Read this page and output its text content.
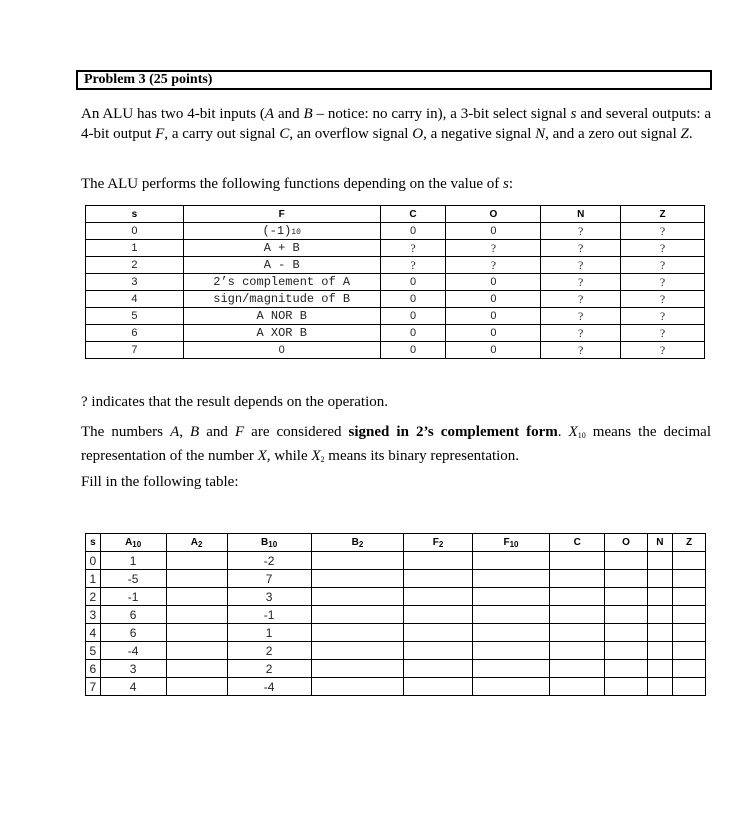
Problem 3 (25 points)

An ALU has two 4-bit inputs (A and B – notice: no carry in), a 3-bit select signal s and several outputs: a 4-bit output F, a carry out signal C, an overflow signal O, a negative signal N, and a zero out signal Z.

The ALU performs the following functions depending on the value of s:

s	F	C	O	N	Z
0	(-1)10	0	0	?	?
1	A + B	?	?	?	?
2	A - B	?	?	?	?
3	2’s complement of A	0	0	?	?
4	sign/magnitude of B	0	0	?	?
5	A NOR B	0	0	?	?
6	A XOR B	0	0	?	?
7	0	0	0	?	?

? indicates that the result depends on the operation.

The numbers A, B and F are considered signed in 2’s complement form. $X_{10}$ means the decimal representation of the number X, while $X_2$ means its binary representation.

Fill in the following table:

s	$A_{10}$	$A_2$	$B_{10}$	$B_2$	$F_2$	$F_{10}$	C	O	N	Z
0	1		-2							
1	-5		7							
2	-1		3							
3	6		-1							
4	6		1							
5	-4		2							
6	3		2							
7	4		-4							
